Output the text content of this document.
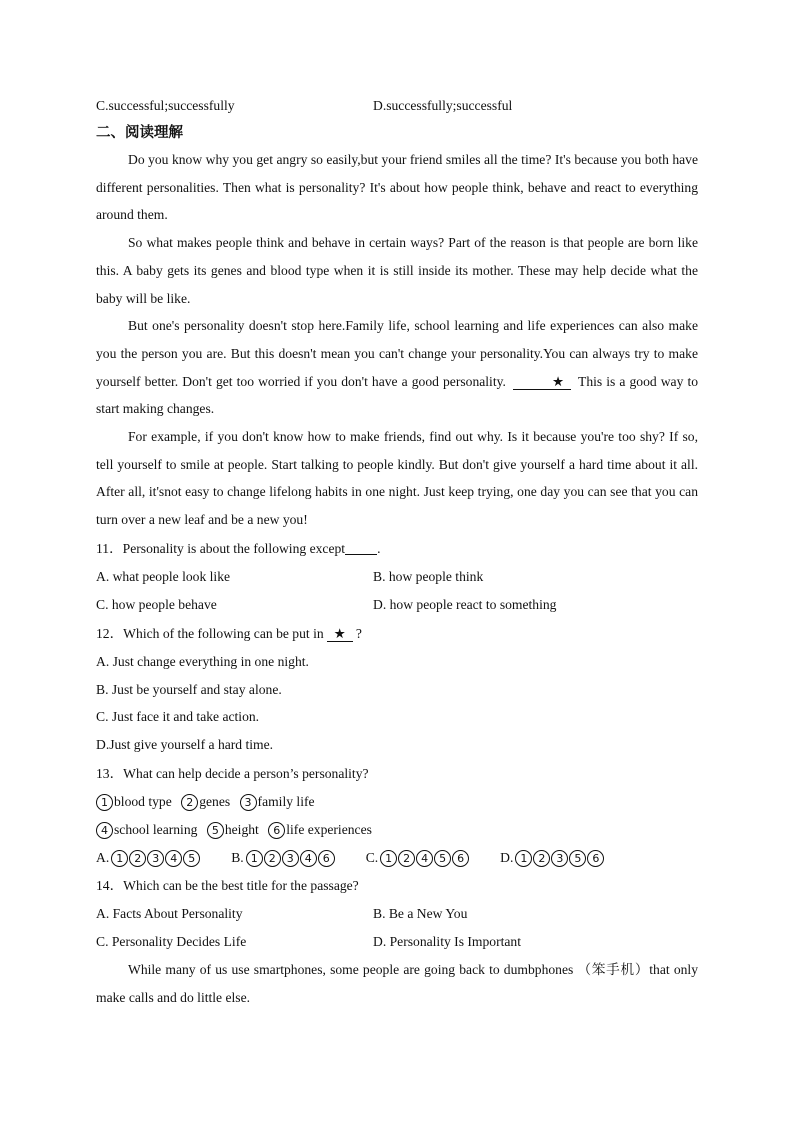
C.successful;successfully	D.successfully;successful
二、阅读理解

Do you know why you get angry so easily,but your friend smiles all the time? It's because you both have different personalities. Then what is personality? It's about how people think, behave and react to everything around them.

So what makes people think and behave in certain ways? Part of the reason is that people are born like this. A baby gets its genes and blood type when it is still inside its mother. These may help decide what the baby will be like.

But one's personality doesn't stop here.Family life, school learning and life experiences can also make you the person you are. But this doesn't mean you can't change your personality.You can always try to make yourself better. Don't get too worried if you don't have a good personality.	★ This is a good way to start making changes.

For example, if you don't know how to make friends, find out why. Is it because you're too shy? If so, tell yourself to smile at people. Start talking to people kindly. But don't give yourself a hard time about it all. After all, it'snot easy to change lifelong habits in one night. Just keep trying, one day you can see that you can turn over a new leaf and be a new you!

11．Personality is about the following except .
A. what people look like	B. how people think
C. how people behave	D. how people react to something
12．Which of the following can be put in ★ ?
A. Just change everything in one night.
B. Just be yourself and stay alone.
C. Just face it and take action.
D.Just give yourself a hard time.
13．What can help decide a person’s personality?
1 blood type 2 genes 3 family life
4 school learning 5 height 6 life experiences
A. 1 2 3 4 5	B. 1 2 3 4 6	C. 1 2 4 5 6	D. 1 2 3 5 6
14．Which can be the best title for the passage?
A. Facts About Personality	B. Be a New You
C. Personality Decides Life	D. Personality Is Important

While many of us use smartphones, some people are going back to dumbphones （笨手机）that only make calls and do little else.
